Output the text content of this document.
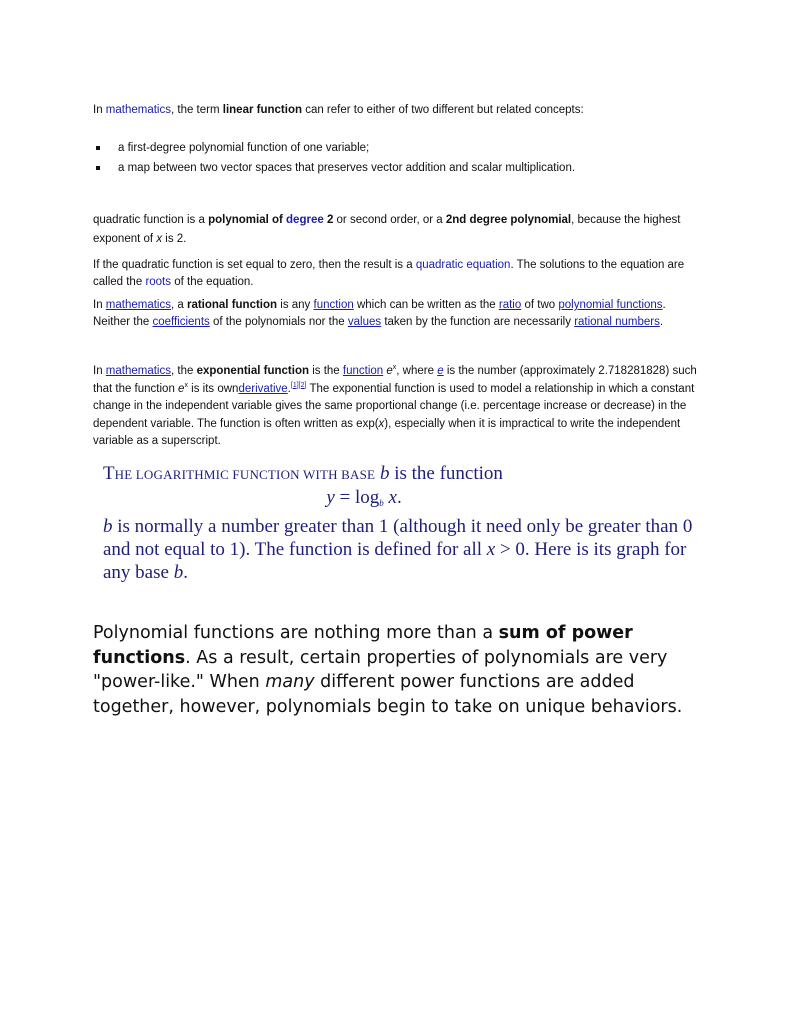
In mathematics, the term linear function can refer to either of two different but related concepts:
a first-degree polynomial function of one variable;
a map between two vector spaces that preserves vector addition and scalar multiplication.
quadratic function is a polynomial of degree 2 or second order, or a 2nd degree polynomial, because the highest exponent of x is 2.
If the quadratic function is set equal to zero, then the result is a quadratic equation. The solutions to the equation are called the roots of the equation.
In mathematics, a rational function is any function which can be written as the ratio of two polynomial functions. Neither the coefficients of the polynomials nor the values taken by the function are necessarily rational numbers.
In mathematics, the exponential function is the function $e^x$, where e is the number (approximately 2.718281828) such that the function $e^x$ is its ownderivative.[1][2] The exponential function is used to model a relationship in which a constant change in the independent variable gives the same proportional change (i.e. percentage increase or decrease) in the dependent variable. The function is often written as exp(x), especially when it is impractical to write the independent variable as a superscript.
THE LOGARITHMIC FUNCTION WITH BASE b is the function

$y = \log_b x$.

b is normally a number greater than 1 (although it need only be greater than 0 and not equal to 1). The function is defined for all x > 0. Here is its graph for any base b.
Polynomial functions are nothing more than a sum of power functions. As a result, certain properties of polynomials are very "power-like." When many different power functions are added together, however, polynomials begin to take on unique behaviors.
